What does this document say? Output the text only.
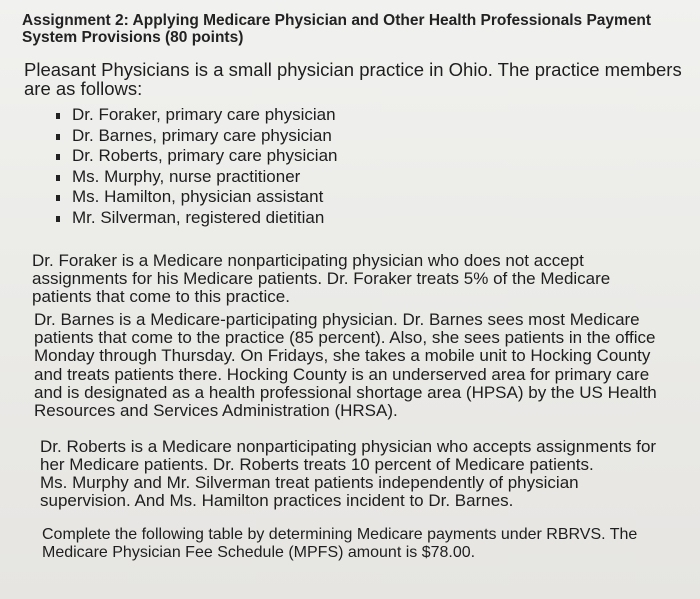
Assignment 2: Applying Medicare Physician and Other Health Professionals Payment System Provisions (80 points)
Pleasant Physicians is a small physician practice in Ohio. The practice members are as follows:
Dr. Foraker, primary care physician
Dr. Barnes, primary care physician
Dr. Roberts, primary care physician
Ms. Murphy, nurse practitioner
Ms. Hamilton, physician assistant
Mr. Silverman, registered dietitian

Dr. Foraker is a Medicare nonparticipating physician who does not accept assignments for his Medicare patients. Dr. Foraker treats 5% of the Medicare patients that come to this practice.

Dr. Barnes is a Medicare-participating physician. Dr. Barnes sees most Medicare patients that come to the practice (85 percent). Also, she sees patients in the office Monday through Thursday. On Fridays, she takes a mobile unit to Hocking County and treats patients there. Hocking County is an underserved area for primary care and is designated as a health professional shortage area (HPSA) by the US Health Resources and Services Administration (HRSA).

Dr. Roberts is a Medicare nonparticipating physician who accepts assignments for her Medicare patients. Dr. Roberts treats 10 percent of Medicare patients.

Ms. Murphy and Mr. Silverman treat patients independently of physician supervision. And Ms. Hamilton practices incident to Dr. Barnes.

Complete the following table by determining Medicare payments under RBRVS. The Medicare Physician Fee Schedule (MPFS) amount is $78.00.
